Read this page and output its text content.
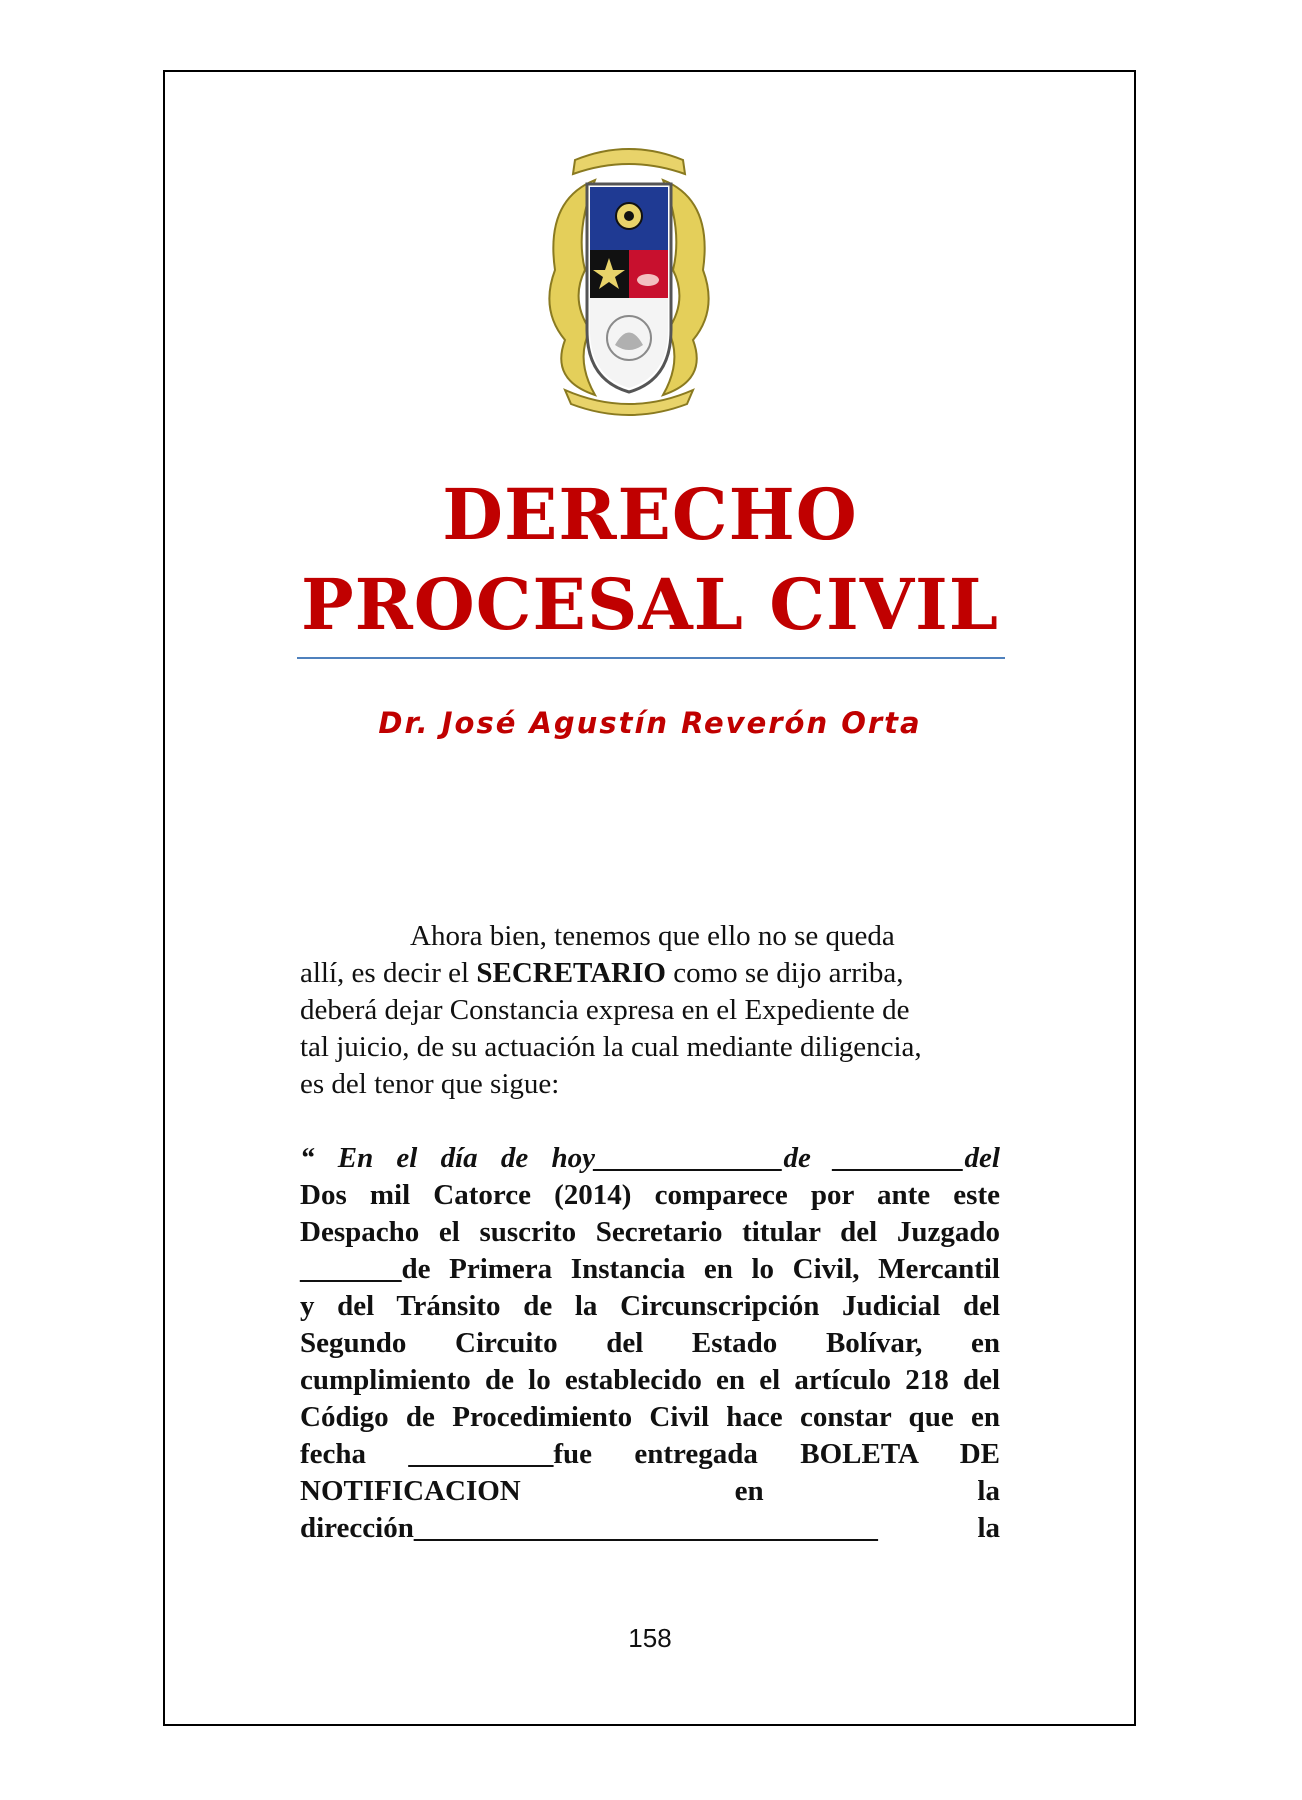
DERECHO
PROCESAL CIVIL
Dr. José Agustín Reverón Orta
Ahora bien, tenemos que ello no se queda
allí, es decir el SECRETARIO como se dijo arriba,
deberá dejar Constancia expresa en el Expediente de
tal juicio, de su actuación la cual mediante diligencia,
es del tenor que sigue:
“ En el día de hoy_____________de _________del
Dos mil Catorce (2014) comparece por ante este
Despacho el suscrito Secretario titular del Juzgado
_______de Primera Instancia en lo Civil, Mercantil
y del Tránsito de la Circunscripción Judicial del
Segundo Circuito del Estado Bolívar, en
cumplimiento de lo establecido en el artículo 218 del
Código de Procedimiento Civil hace constar que en
fecha __________fue entregada BOLETA DE
NOTIFICACION en la
dirección________________________________ la
158
